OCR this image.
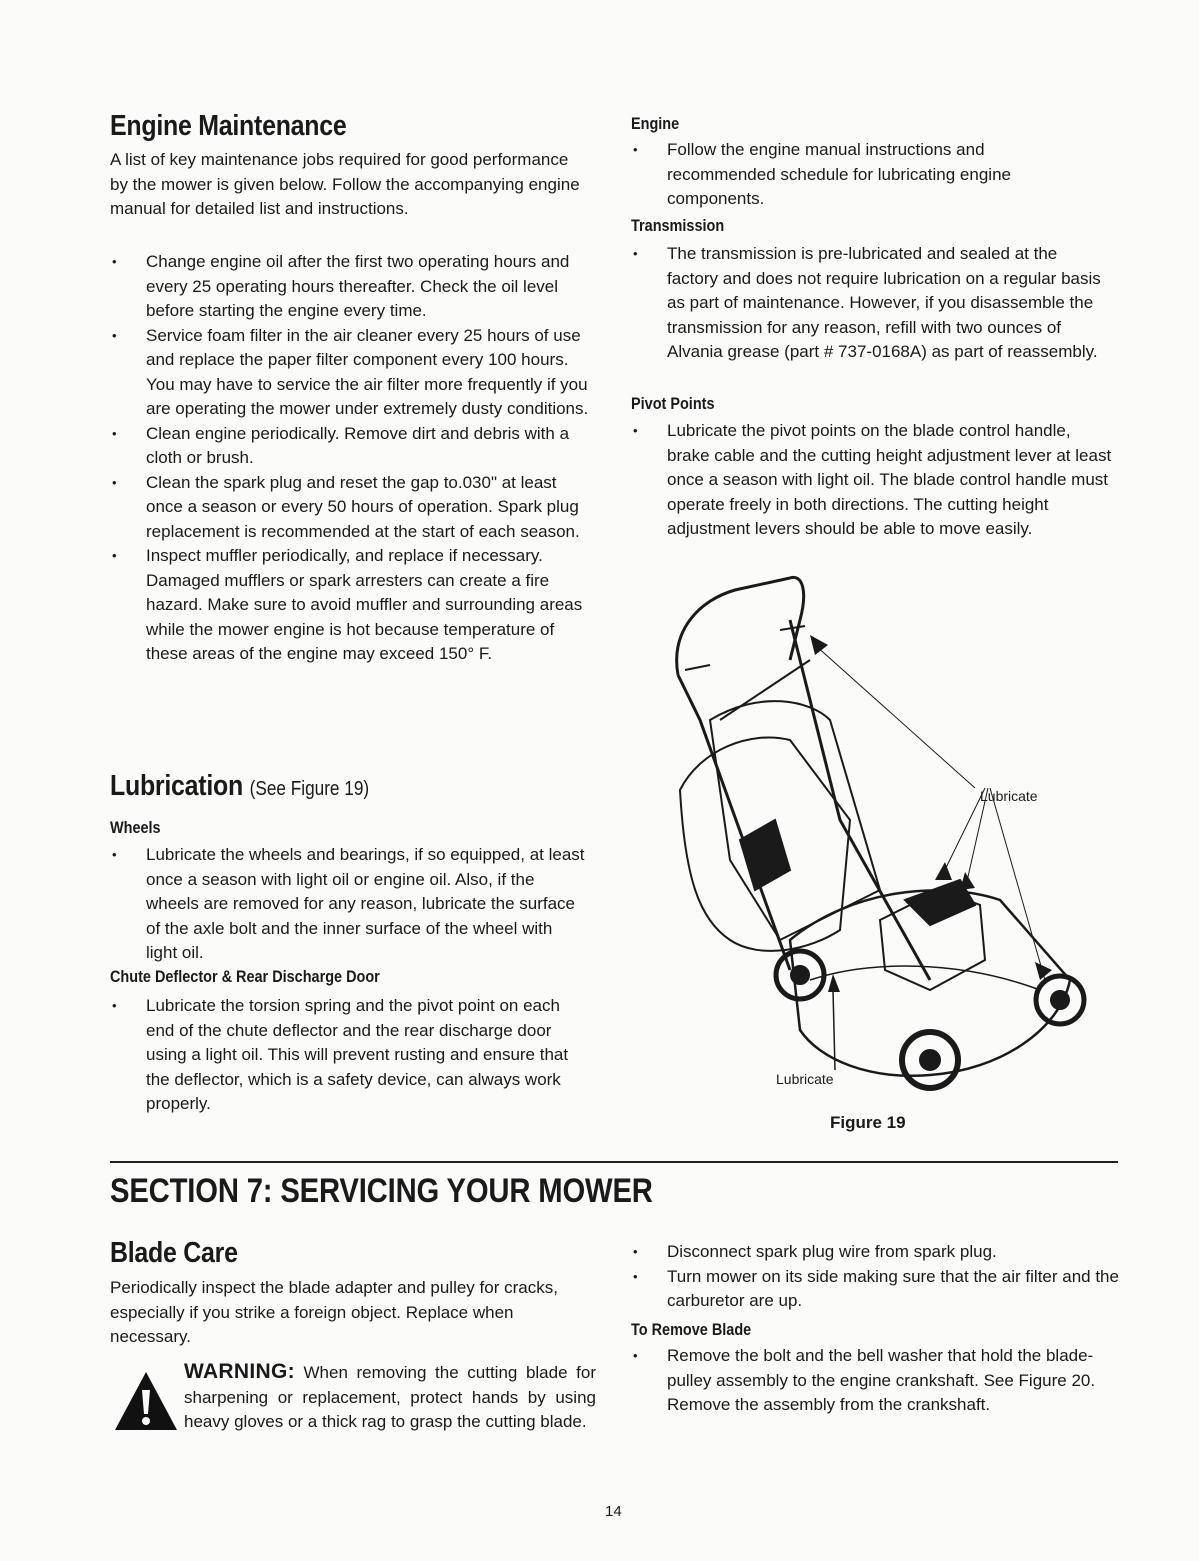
Engine Maintenance
A list of key maintenance jobs required for good performance by the mower is given below. Follow the accompanying engine manual for detailed list and instructions.
• Change engine oil after the first two operating hours and every 25 operating hours thereafter. Check the oil level before starting the engine every time.
• Service foam filter in the air cleaner every 25 hours of use and replace the paper filter component every 100 hours. You may have to service the air filter more frequently if you are operating the mower under extremely dusty conditions.
• Clean engine periodically. Remove dirt and debris with a cloth or brush.
• Clean the spark plug and reset the gap to.030" at least once a season or every 50 hours of operation. Spark plug replacement is recommended at the start of each season.
• Inspect muffler periodically, and replace if necessary. Damaged mufflers or spark arresters can create a fire hazard. Make sure to avoid muffler and surrounding areas while the mower engine is hot because temperature of these areas of the engine may exceed 150° F.
Lubrication (See Figure 19)
Wheels
• Lubricate the wheels and bearings, if so equipped, at least once a season with light oil or engine oil. Also, if the wheels are removed for any reason, lubricate the surface of the axle bolt and the inner surface of the wheel with light oil.
Chute Deflector & Rear Discharge Door
• Lubricate the torsion spring and the pivot point on each end of the chute deflector and the rear discharge door using a light oil. This will prevent rusting and ensure that the deflector, which is a safety device, can always work properly.
Engine
• Follow the engine manual instructions and recommended schedule for lubricating engine components.
Transmission
• The transmission is pre-lubricated and sealed at the factory and does not require lubrication on a regular basis as part of maintenance. However, if you disassemble the transmission for any reason, refill with two ounces of Alvania grease (part # 737-0168A) as part of reassembly.
Pivot Points
• Lubricate the pivot points on the blade control handle, brake cable and the cutting height adjustment lever at least once a season with light oil. The blade control handle must operate freely in both directions. The cutting height adjustment levers should be able to move easily.
Lubricate
Lubricate
Figure 19
SECTION 7: SERVICING YOUR MOWER
Blade Care
Periodically inspect the blade adapter and pulley for cracks, especially if you strike a foreign object. Replace when necessary.
WARNING: When removing the cutting blade for sharpening or replacement, protect hands by using heavy gloves or a thick rag to grasp the cutting blade.
• Disconnect spark plug wire from spark plug.
• Turn mower on its side making sure that the air filter and the carburetor are up.
To Remove Blade
• Remove the bolt and the bell washer that hold the blade-pulley assembly to the engine crankshaft. See Figure 20. Remove the assembly from the crankshaft.
14
